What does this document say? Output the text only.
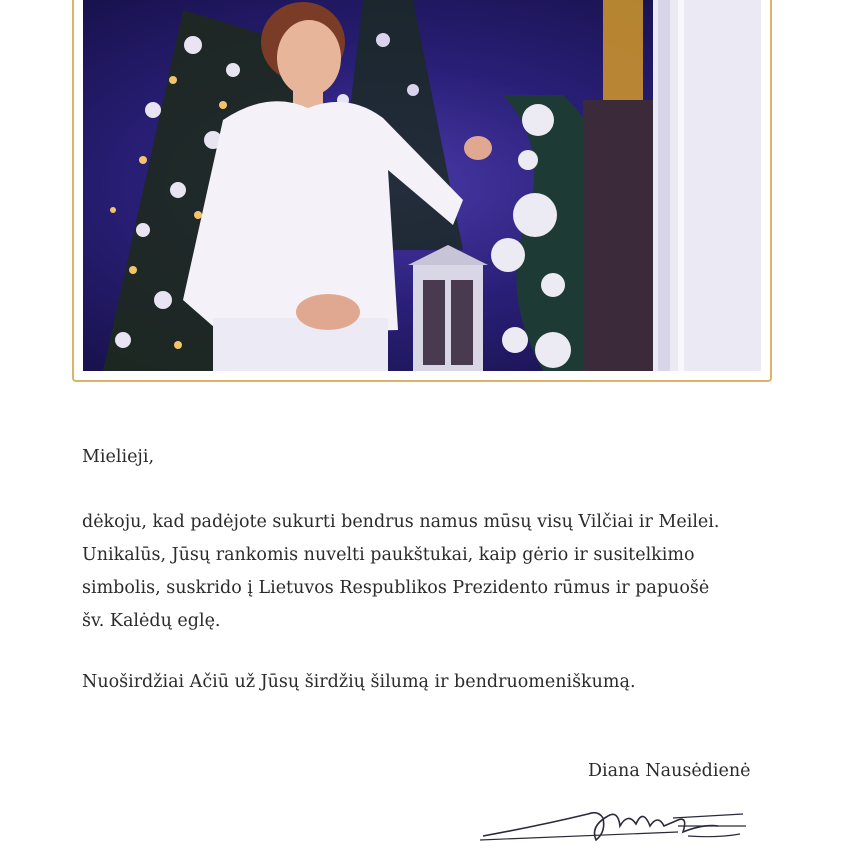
Mielieji,
dėkoju, kad padėjote sukurti bendrus namus mūsų visų Vilčiai ir Meilei.
Unikalūs, Jūsų rankomis nuvelti paukštukai, kaip gėrio ir susitelkimo
simbolis, suskrido į Lietuvos Respublikos Prezidento rūmus ir papuošė
šv. Kalėdų eglę.
Nuoširdžiai Ačiū už Jūsų širdžių šilumą ir bendruomeniškumą.
Diana Nausėdienė
